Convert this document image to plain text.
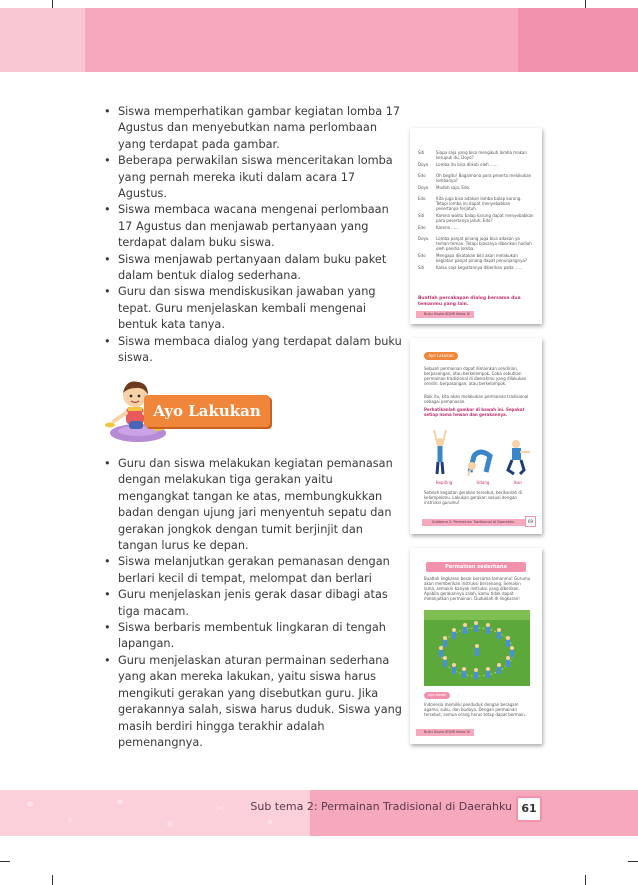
• Siswa memperhatikan gambar kegiatan lomba 17 Agustus dan menyebutkan nama perlombaan yang terdapat pada gambar.
• Beberapa perwakilan siswa menceritakan lomba yang pernah mereka ikuti dalam acara 17 Agustus.
• Siswa membaca wacana mengenai perlombaan 17 Agustus dan menjawab pertanyaan yang terdapat dalam buku siswa.
• Siswa menjawab pertanyaan dalam buku paket dalam bentuk dialog sederhana.
• Guru dan siswa mendiskusikan jawaban yang tepat. Guru menjelaskan kembali mengenai bentuk kata tanya.
• Siswa membaca dialog yang terdapat dalam buku siswa.
Ayo Lakukan
• Guru dan siswa melakukan kegiatan pemanasan dengan melakukan tiga gerakan yaitu mengangkat tangan ke atas, membungkukkan badan dengan ujung jari menyentuh sepatu dan gerakan jongkok dengan tumit berjinjit dan tangan lurus ke depan.
• Siswa melanjutkan gerakan pemanasan dengan berlari kecil di tempat, melompat dan berlari
• Guru menjelaskan jenis gerak dasar dibagi atas tiga macam.
• Siswa berbaris membentuk lingkaran di tengah lapangan.
• Guru menjelaskan aturan permainan sederhana yang akan mereka lakukan, yaitu siswa harus mengikuti gerakan yang disebutkan guru. Jika gerakannya salah, siswa harus duduk. Siswa yang masih berdiri hingga terakhir adalah pemenangnya.
Siti	Siapa saja yang bisa mengikuti lomba makan kerupuk itu, Doyo?
Doyo	Lomba itu bisa diikuti oleh ......
Edo	Oh begitu! Bagaimana para peserta melakukan lombanya?
Doyo	Mudah saja, Edo.
Edo	Kita juga bisa adakan lomba balap karung. Tetapi lomba ini dapat menyebabkan pesertanya terjatuh.
Siti	Karena waktu balap karung dapat menyebabkan para pesertanya jatuh, Edo?
Edo	Karena ......
Doyo	Lomba panjat pinang juga bisa adakan ya teman-teman. Tetapi biasanya diberikan hadiah oleh panitia lomba.
Edo	Mengapa dikatakan bila akan melakukan kegiatan panjat pinang dapat penunjangnya?
Siti	Kalau saja kegiatannya diberikan pada ......
Buatlah percakapan dialog bersama dua temanmu yang lain.
Buku Siswa SD/MI Kelas IV
Ayo Lakukan
Sebuah permainan dapat dimainkan sendirian, berpasangan, atau berkelompok. Coba sebutkan permainan tradisional di daerahmu yang dilakukan sendiri, berpasangan, atau berkelompok.
Baik itu, kita akan melakukan permainan tradisional sebagai pemanasan.
Perhatikanlah gambar di bawah ini. Sepakat setiap nama hewan dan gerakannya.
Kepiting	Udang	Ikan
Setelah kegiatan gerakan tersebut, berikanlah di kelompokmu. Lakukan gerakan sesuai dengan instruksi gurumu!
Subtema 2: Permainan Tradisional di Daerahku	69
Permainan sederhana
Buatlah lingkaran besar bersama temanmu! Gurumu akan memberikan instruksi bersenang. Semakin lama, semakin banyak instruksi yang diberikan. Apabila gerakannya salah, kamu tidak dapat melanjutkan permainan. Duduklah di lingkaran!
Ayo Amati
Indonesia memiliki penduduk dengan beragam agama, suku, dan budaya. Dengan permainan tersebut, semua orang harus tetap dapat bermain.
Buku Siswa SD/MI Kelas IV
Sub tema 2: Permainan Tradisional di Daerahku 61
